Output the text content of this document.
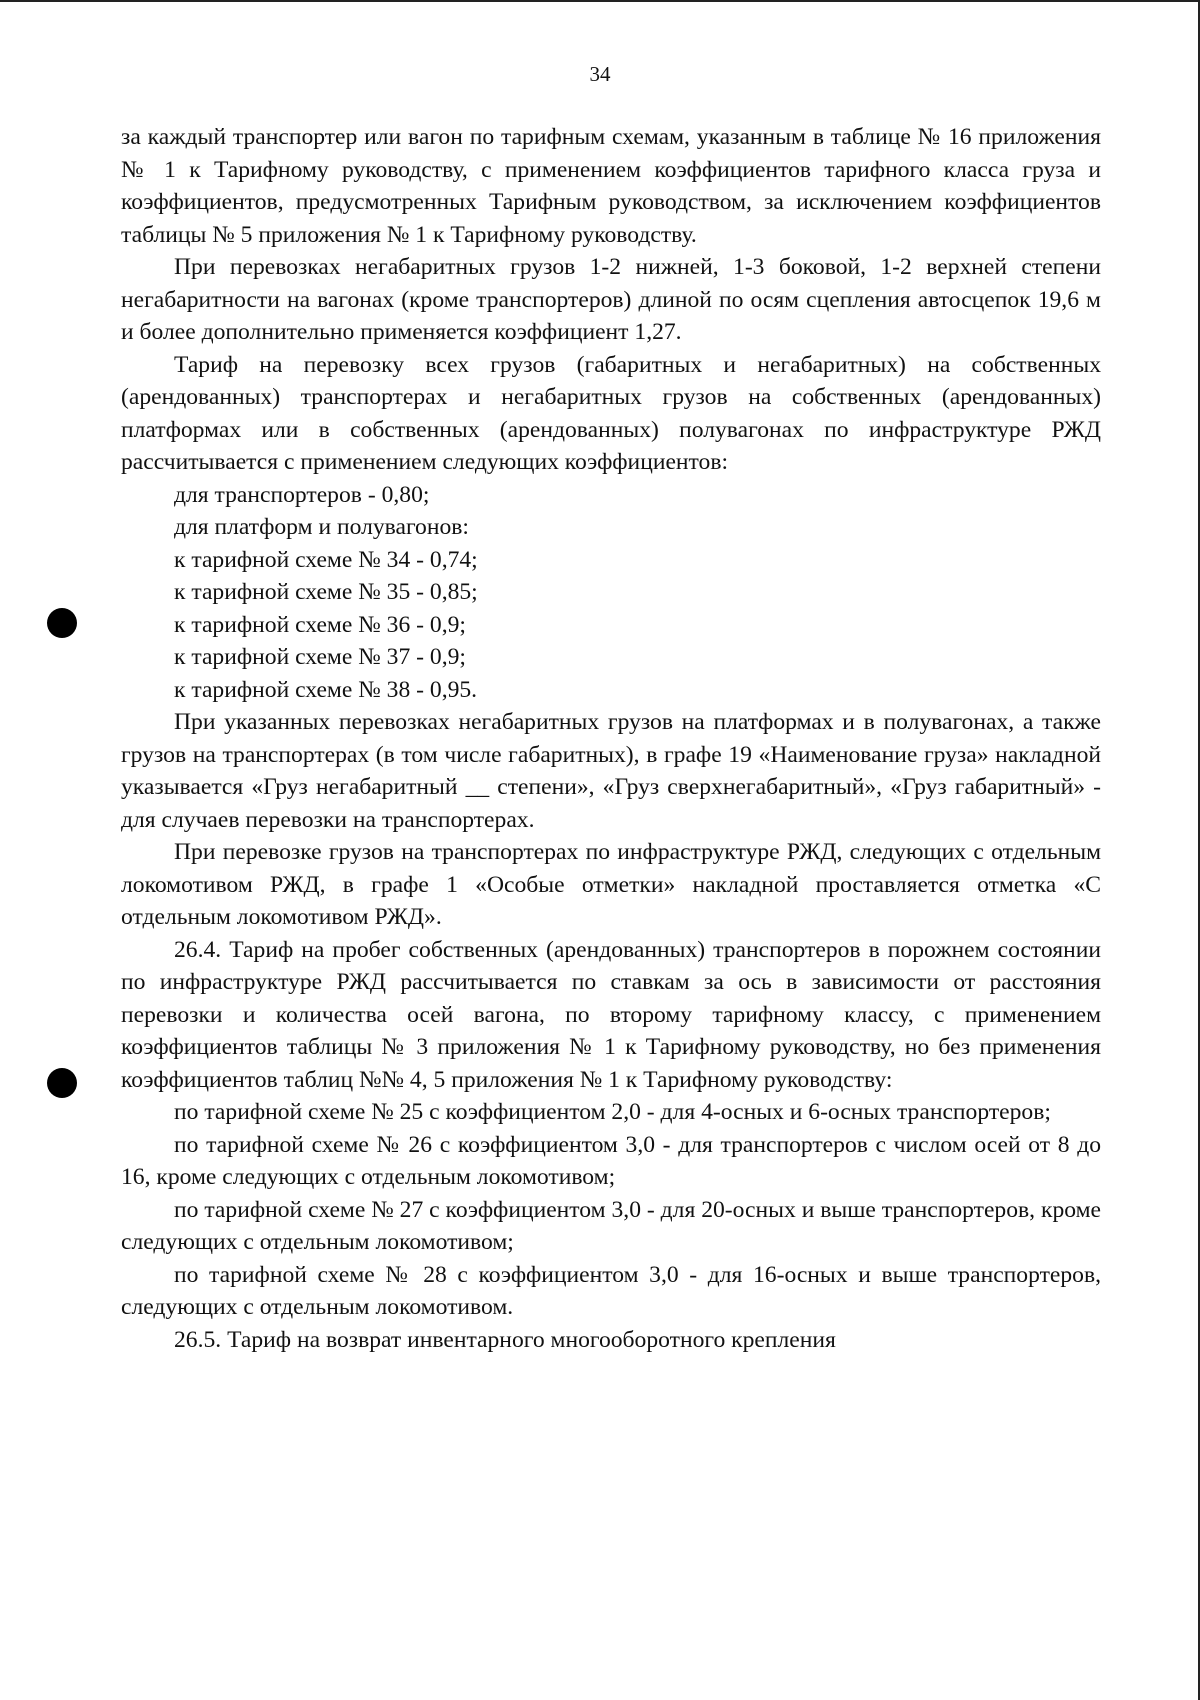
34

за каждый транспортер или вагон по тарифным схемам, указанным в таблице № 16 приложения № 1 к Тарифному руководству, с применением коэффициентов тарифного класса груза и коэффициентов, предусмотренных Тарифным руководством, за исключением коэффициентов таблицы № 5 приложения № 1 к Тарифному руководству.

При перевозках негабаритных грузов 1-2 нижней, 1-3 боковой, 1-2 верхней степени негабаритности на вагонах (кроме транспортеров) длиной по осям сцепления автосцепок 19,6 м и более дополнительно применяется коэффициент 1,27.

Тариф на перевозку всех грузов (габаритных и негабаритных) на собственных (арендованных) транспортерах и негабаритных грузов на собственных (арендованных) платформах или в собственных (арендованных) полувагонах по инфраструктуре РЖД рассчитывается с применением следующих коэффициентов:

для транспортеров - 0,80;

для платформ и полувагонов:

к тарифной схеме № 34 - 0,74;

к тарифной схеме № 35 - 0,85;

к тарифной схеме № 36 - 0,9;

к тарифной схеме № 37 - 0,9;

к тарифной схеме № 38 - 0,95.

При указанных перевозках негабаритных грузов на платформах и в полувагонах, а также грузов на транспортерах (в том числе габаритных), в графе 19 «Наименование груза» накладной указывается «Груз негабаритный __ степени», «Груз сверхнегабаритный», «Груз габаритный» - для случаев перевозки на транспортерах.

При перевозке грузов на транспортерах по инфраструктуре РЖД, следующих с отдельным локомотивом РЖД, в графе 1 «Особые отметки» накладной проставляется отметка «С отдельным локомотивом РЖД».

26.4. Тариф на пробег собственных (арендованных) транспортеров в порожнем состоянии по инфраструктуре РЖД рассчитывается по ставкам за ось в зависимости от расстояния перевозки и количества осей вагона, по второму тарифному классу, с применением коэффициентов таблицы № 3 приложения № 1 к Тарифному руководству, но без применения коэффициентов таблиц №№ 4, 5 приложения № 1 к Тарифному руководству:

по тарифной схеме № 25 с коэффициентом 2,0 - для 4-осных и 6-осных транспортеров;

по тарифной схеме № 26 с коэффициентом 3,0 - для транспортеров с числом осей от 8 до 16, кроме следующих с отдельным локомотивом;

по тарифной схеме № 27 с коэффициентом 3,0 - для 20-осных и выше транспортеров, кроме следующих с отдельным локомотивом;

по тарифной схеме № 28 с коэффициентом 3,0 - для 16-осных и выше транспортеров, следующих с отдельным локомотивом.

26.5. Тариф на возврат инвентарного многооборотного крепления
